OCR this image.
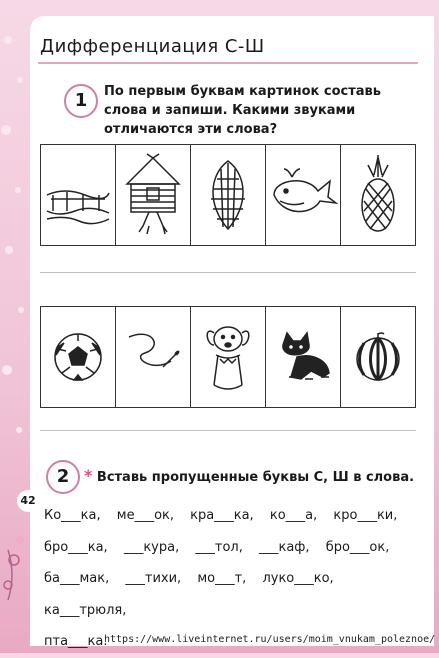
Дифференциация С-Ш
1	По первым буквам картинок составь
слова и запиши. Какими звуками
отличаются эти слова?
2 * Вставь пропущенные буквы С, Ш в слова.
Ко___ка, ме___ок, кра___ка, ко___а, кро___ки,
бро___ка, ___кура, ___тол, ___каф, бро___ок,
ба___мак, ___тихи, мо___т, луко___ко, ка___трюля,
пта___ка.
42
https://www.liveinternet.ru/users/moim_vnukam_poleznoe/
